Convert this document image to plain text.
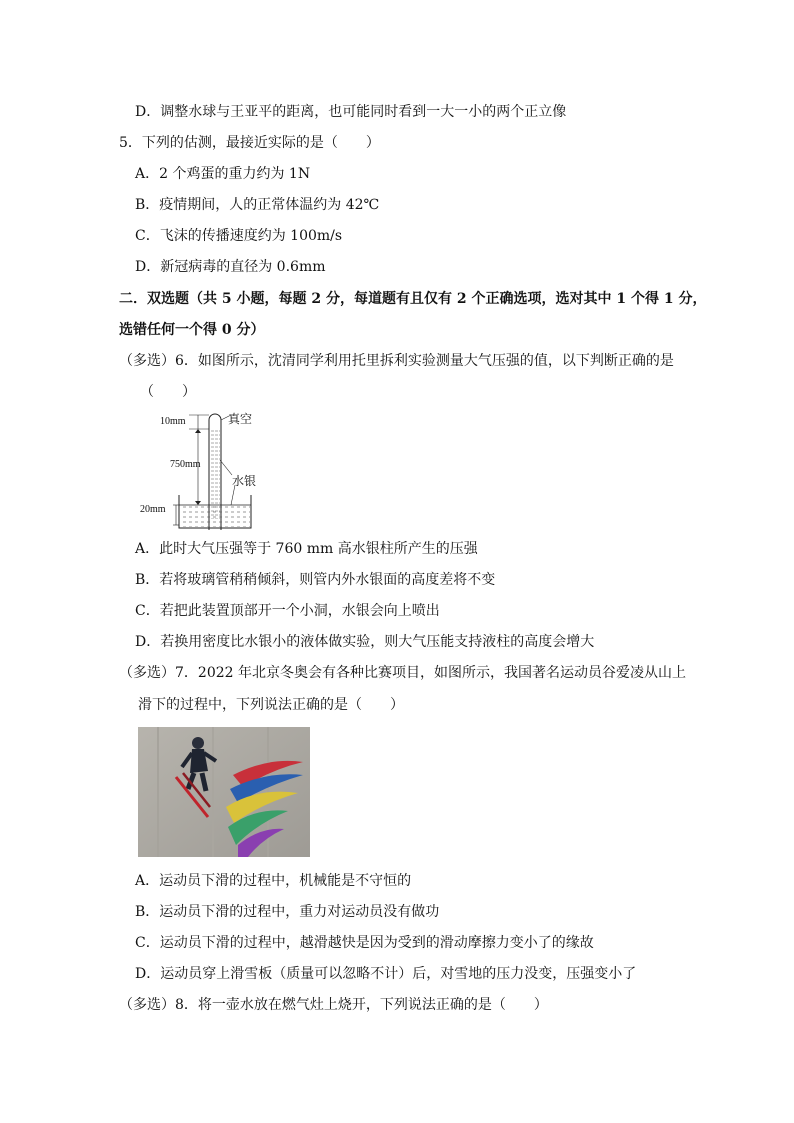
D．调整水球与王亚平的距离，也可能同时看到一大一小的两个正立像
5．下列的估测，最接近实际的是（　　）
A．2 个鸡蛋的重力约为 1N
B．疫情期间，人的正常体温约为 42℃
C．飞沫的传播速度约为 100m/s
D．新冠病毒的直径为 0.6mm
二．双选题（共 5 小题，每题 2 分，每道题有且仅有 2 个正确选项，选对其中 1 个得 1 分，
选错任何一个得 0 分）
（多选）6．如图所示，沈清同学利用托里拆利实验测量大气压强的值，以下判断正确的是
（　　）
10mm
750mm
20mm
真空
水银
A．此时大气压强等于 760 mm 高水银柱所产生的压强
B．若将玻璃管稍稍倾斜，则管内外水银面的高度差将不变
C．若把此装置顶部开一个小洞，水银会向上喷出
D．若换用密度比水银小的液体做实验，则大气压能支持液柱的高度会增大
（多选）7．2022 年北京冬奥会有各种比赛项目，如图所示，我国著名运动员谷爱凌从山上
滑下的过程中，下列说法正确的是（　　）
A．运动员下滑的过程中，机械能是不守恒的
B．运动员下滑的过程中，重力对运动员没有做功
C．运动员下滑的过程中，越滑越快是因为受到的滑动摩擦力变小了的缘故
D．运动员穿上滑雪板（质量可以忽略不计）后，对雪地的压力没变，压强变小了
（多选）8．将一壶水放在燃气灶上烧开，下列说法正确的是（　　）
